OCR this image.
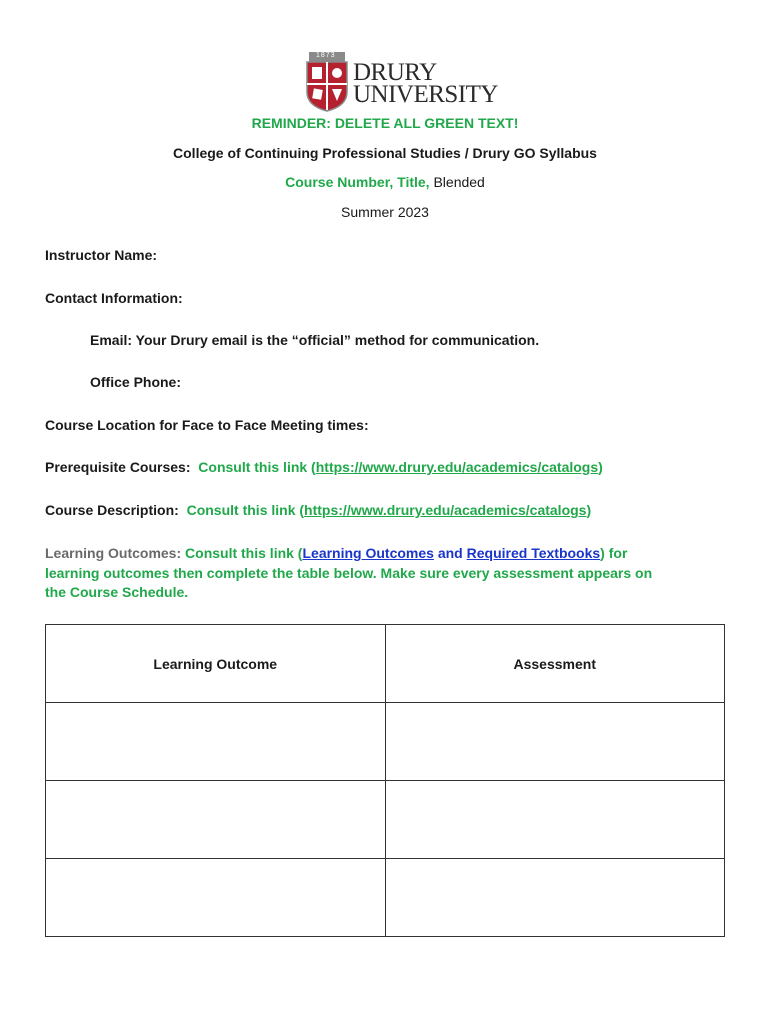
1873
DRURY
UNIVERSITY
REMINDER: DELETE ALL GREEN TEXT!
College of Continuing Professional Studies / Drury GO Syllabus
Course Number, Title, Blended
Summer 2023
Instructor Name:
Contact Information:
Email: Your Drury email is the “official” method for communication.
Office Phone:
Course Location for Face to Face Meeting times:
Prerequisite Courses: Consult this link (https://www.drury.edu/academics/catalogs)
Course Description: Consult this link (https://www.drury.edu/academics/catalogs)
Learning Outcomes: Consult this link (Learning Outcomes and Required Textbooks) for
learning outcomes then complete the table below. Make sure every assessment appears on
the Course Schedule.
Learning Outcome	Assessment
